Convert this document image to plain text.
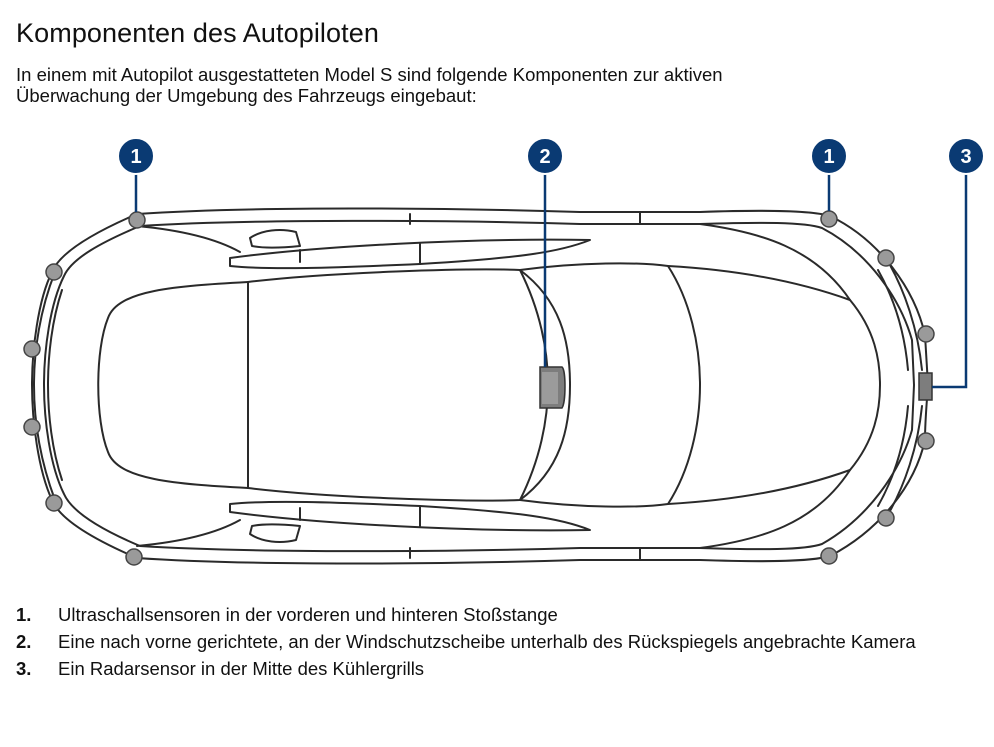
Komponenten des Autopiloten
In einem mit Autopilot ausgestatteten Model S sind folgende Komponenten zur aktiven
Überwachung der Umgebung des Fahrzeugs eingebaut:
1	2	1	3
1.	Ultraschallsensoren in der vorderen und hinteren Stoßstange
2.	Eine nach vorne gerichtete, an der Windschutzscheibe unterhalb des Rückspiegels angebrachte Kamera
3.	Ein Radarsensor in der Mitte des Kühlergrills
